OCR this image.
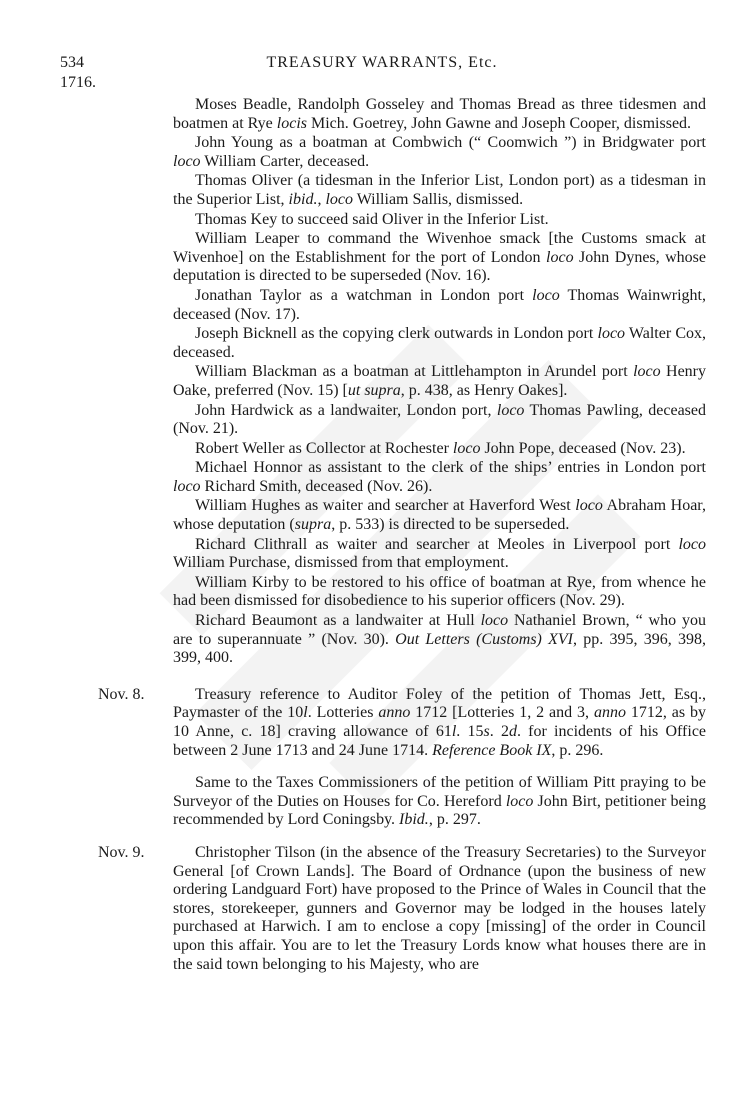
534	TREASURY WARRANTS, Etc.
1716.

Moses Beadle, Randolph Gosseley and Thomas Bread as three tidesmen and boatmen at Rye locis Mich. Goetrey, John Gawne and Joseph Cooper, dismissed.

John Young as a boatman at Combwich (“ Coomwich ”) in Bridgwater port loco William Carter, deceased.

Thomas Oliver (a tidesman in the Inferior List, London port) as a tidesman in the Superior List, ibid., loco William Sallis, dismissed.

Thomas Key to succeed said Oliver in the Inferior List.

William Leaper to command the Wivenhoe smack [the Customs smack at Wivenhoe] on the Establishment for the port of London loco John Dynes, whose deputation is directed to be superseded (Nov. 16).

Jonathan Taylor as a watchman in London port loco Thomas Wainwright, deceased (Nov. 17).

Joseph Bicknell as the copying clerk outwards in London port loco Walter Cox, deceased.

William Blackman as a boatman at Littlehampton in Arundel port loco Henry Oake, preferred (Nov. 15) [ut supra, p. 438, as Henry Oakes].

John Hardwick as a landwaiter, London port, loco Thomas Pawling, deceased (Nov. 21).

Robert Weller as Collector at Rochester loco John Pope, deceased (Nov. 23).

Michael Honnor as assistant to the clerk of the ships’ entries in London port loco Richard Smith, deceased (Nov. 26).

William Hughes as waiter and searcher at Haverford West loco Abraham Hoar, whose deputation (supra, p. 533) is directed to be superseded.

Richard Clithrall as waiter and searcher at Meoles in Liverpool port loco William Purchase, dismissed from that employment.

William Kirby to be restored to his office of boatman at Rye, from whence he had been dismissed for disobedience to his superior officers (Nov. 29).

Richard Beaumont as a landwaiter at Hull loco Nathaniel Brown, “ who you are to superannuate ” (Nov. 30). Out Letters (Customs) XVI, pp. 395, 396, 398, 399, 400.

Nov. 8.	Treasury reference to Auditor Foley of the petition of Thomas Jett, Esq., Paymaster of the 10l. Lotteries anno 1712 [Lotteries 1, 2 and 3, anno 1712, as by 10 Anne, c. 18] craving allowance of 61l. 15s. 2d. for incidents of his Office between 2 June 1713 and 24 June 1714. Reference Book IX, p. 296.

Same to the Taxes Commissioners of the petition of William Pitt praying to be Surveyor of the Duties on Houses for Co. Hereford loco John Birt, petitioner being recommended by Lord Coningsby. Ibid., p. 297.

Nov. 9.	Christopher Tilson (in the absence of the Treasury Secretaries) to the Surveyor General [of Crown Lands]. The Board of Ordnance (upon the business of new ordering Landguard Fort) have proposed to the Prince of Wales in Council that the stores, storekeeper, gunners and Governor may be lodged in the houses lately purchased at Harwich. I am to enclose a copy [missing] of the order in Council upon this affair. You are to let the Treasury Lords know what houses there are in the said town belonging to his Majesty, who are
